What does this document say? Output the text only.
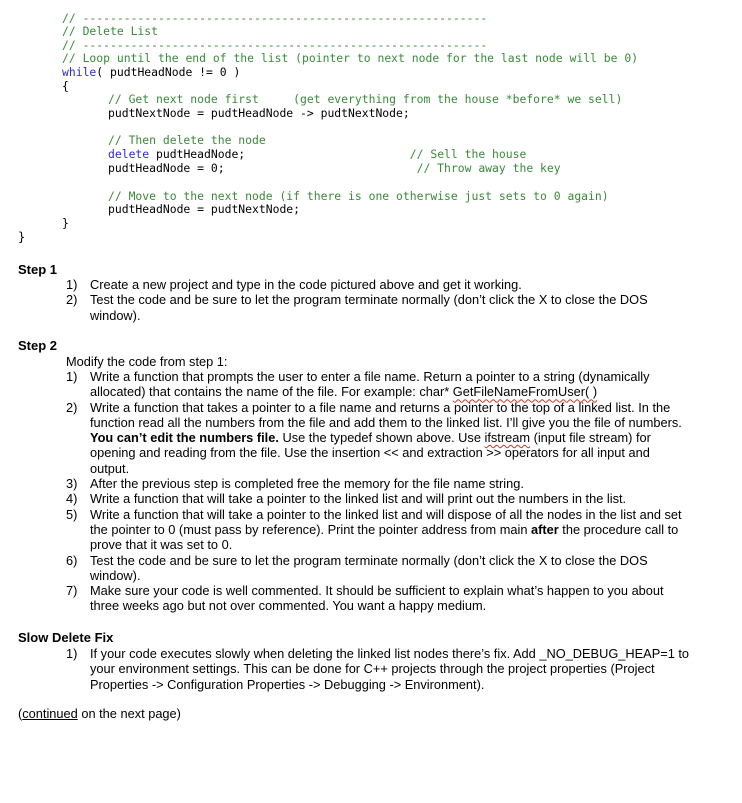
// -----------------------------------------------------------
// Delete List
// -----------------------------------------------------------
// Loop until the end of the list (pointer to next node for the last node will be 0)
while( pudtHeadNode != 0 )
{
// Get next node first     (get everything from the house *before* we sell)
pudtNextNode = pudtHeadNode -> pudtNextNode;
// Then delete the node
delete pudtHeadNode;                        // Sell the house
pudtHeadNode = 0;                            // Throw away the key
// Move to the next node (if there is one otherwise just sets to 0 again)
pudtHeadNode = pudtNextNode;
}
}
Step 1
1) Create a new project and type in the code pictured above and get it working.
2) Test the code and be sure to let the program terminate normally (don’t click the X to close the DOS window).
Step 2
Modify the code from step 1:
1) Write a function that prompts the user to enter a file name. Return a pointer to a string (dynamically allocated) that contains the name of the file. For example: char* GetFileNameFromUser( )
2) Write a function that takes a pointer to a file name and returns a pointer to the top of a linked list. In the function read all the numbers from the file and add them to the linked list. I’ll give you the file of numbers. You can’t edit the numbers file. Use the typedef shown above. Use ifstream (input file stream) for opening and reading from the file. Use the insertion << and extraction >> operators for all input and output.
3) After the previous step is completed free the memory for the file name string.
4) Write a function that will take a pointer to the linked list and will print out the numbers in the list.
5) Write a function that will take a pointer to the linked list and will dispose of all the nodes in the list and set the pointer to 0 (must pass by reference). Print the pointer address from main after the procedure call to prove that it was set to 0.
6) Test the code and be sure to let the program terminate normally (don’t click the X to close the DOS window).
7) Make sure your code is well commented. It should be sufficient to explain what’s happen to you about three weeks ago but not over commented. You want a happy medium.
Slow Delete Fix
1) If your code executes slowly when deleting the linked list nodes there’s fix. Add _NO_DEBUG_HEAP=1 to your environment settings. This can be done for C++ projects through the project properties (Project Properties -> Configuration Properties -> Debugging -> Environment).
(continued on the next page)
